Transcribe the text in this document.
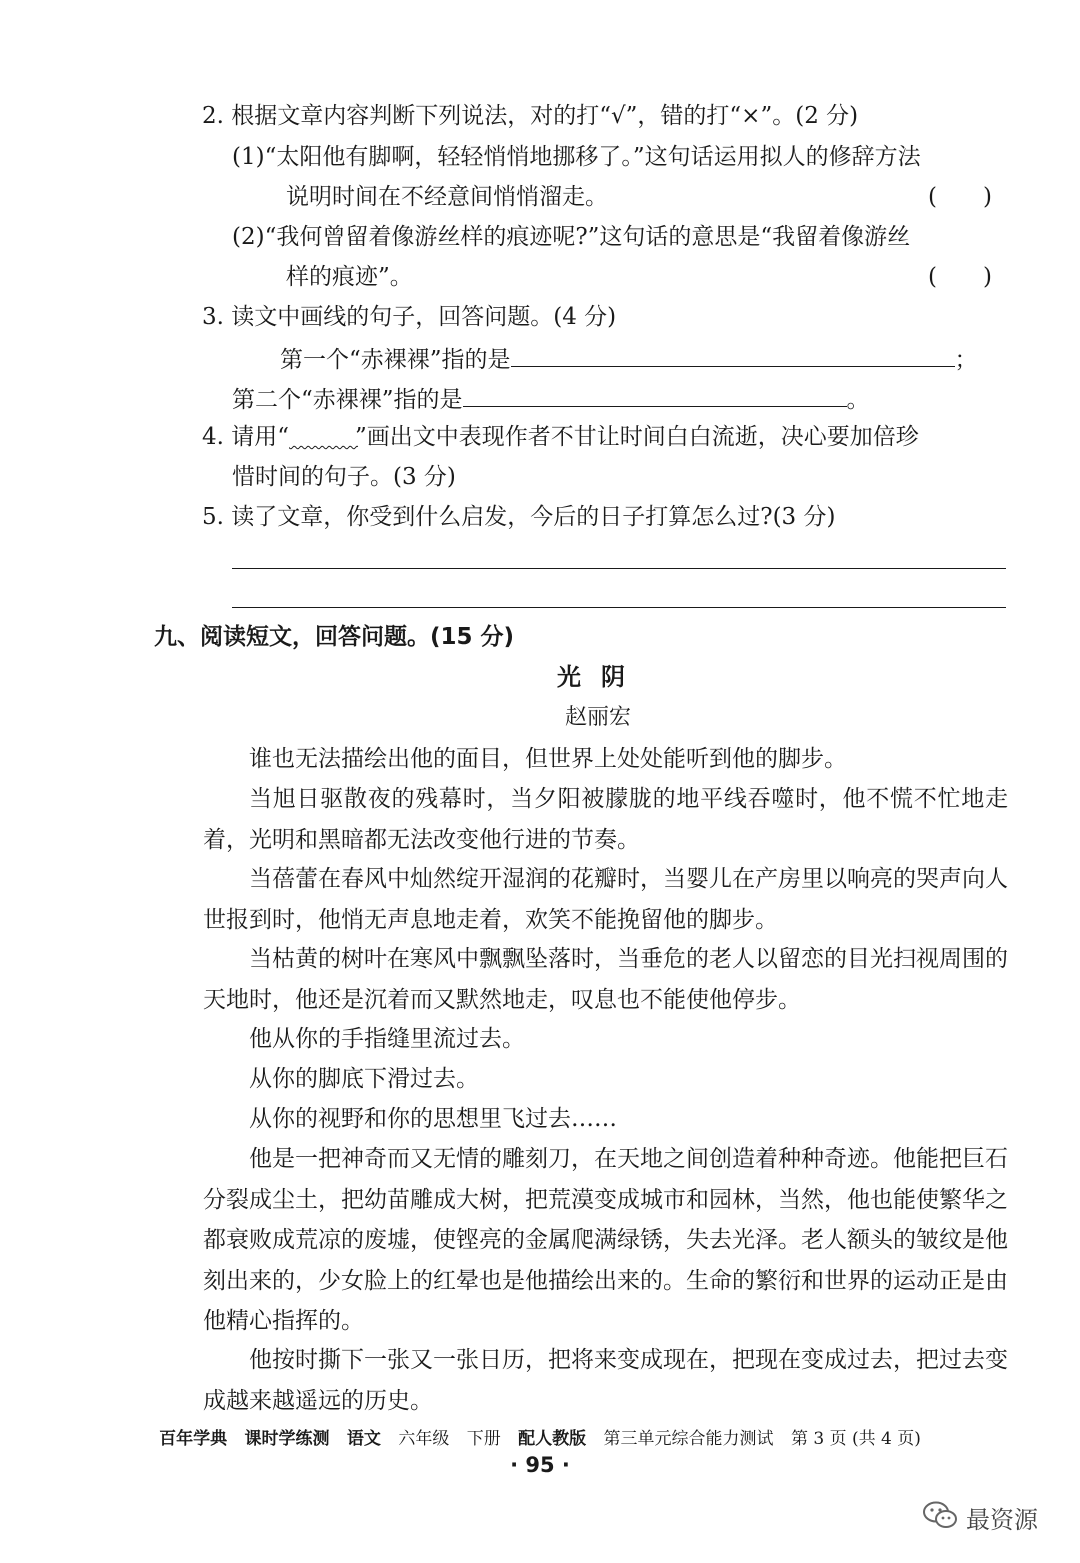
2. 根据文章内容判断下列说法，对的打“√”，错的打“×”。(2 分)
(1)“太阳他有脚啊，轻轻悄悄地挪移了。”这句话运用拟人的修辞方法
说明时间在不经意间悄悄溜走。	(　　)
(2)“我何曾留着像游丝样的痕迹呢?”这句话的意思是“我留着像游丝
样的痕迹”。	(　　)
3. 读文中画线的句子，回答问题。(4 分)
第一个“赤裸裸”指的是	；
第二个“赤裸裸”指的是	。
4. 请用“	”画出文中表现作者不甘让时间白白流逝，决心要加倍珍
惜时间的句子。(3 分)
5. 读了文章，你受到什么启发，今后的日子打算怎么过?(3 分)
九、阅读短文，回答问题。(15 分)
光阴
赵丽宏
谁也无法描绘出他的面目，但世界上处处能听到他的脚步。
当旭日驱散夜的残幕时，当夕阳被朦胧的地平线吞噬时，他不慌不忙地走着，光明和黑暗都无法改变他行进的节奏。
当蓓蕾在春风中灿然绽开湿润的花瓣时，当婴儿在产房里以响亮的哭声向人世报到时，他悄无声息地走着，欢笑不能挽留他的脚步。
当枯黄的树叶在寒风中飘飘坠落时，当垂危的老人以留恋的目光扫视周围的天地时，他还是沉着而又默然地走，叹息也不能使他停步。
他从你的手指缝里流过去。
从你的脚底下滑过去。
从你的视野和你的思想里飞过去……
他是一把神奇而又无情的雕刻刀，在天地之间创造着种种奇迹。他能把巨石分裂成尘土，把幼苗雕成大树，把荒漠变成城市和园林，当然，他也能使繁华之都衰败成荒凉的废墟，使铿亮的金属爬满绿锈，失去光泽。老人额头的皱纹是他刻出来的，少女脸上的红晕也是他描绘出来的。生命的繁衍和世界的运动正是由他精心指挥的。
他按时撕下一张又一张日历，把将来变成现在，把现在变成过去，把过去变成越来越遥远的历史。
百年学典 课时学练测 语文 六年级 下册 配人教版 第三单元综合能力测试 第 3 页 (共 4 页)
· 95 ·
最资源
